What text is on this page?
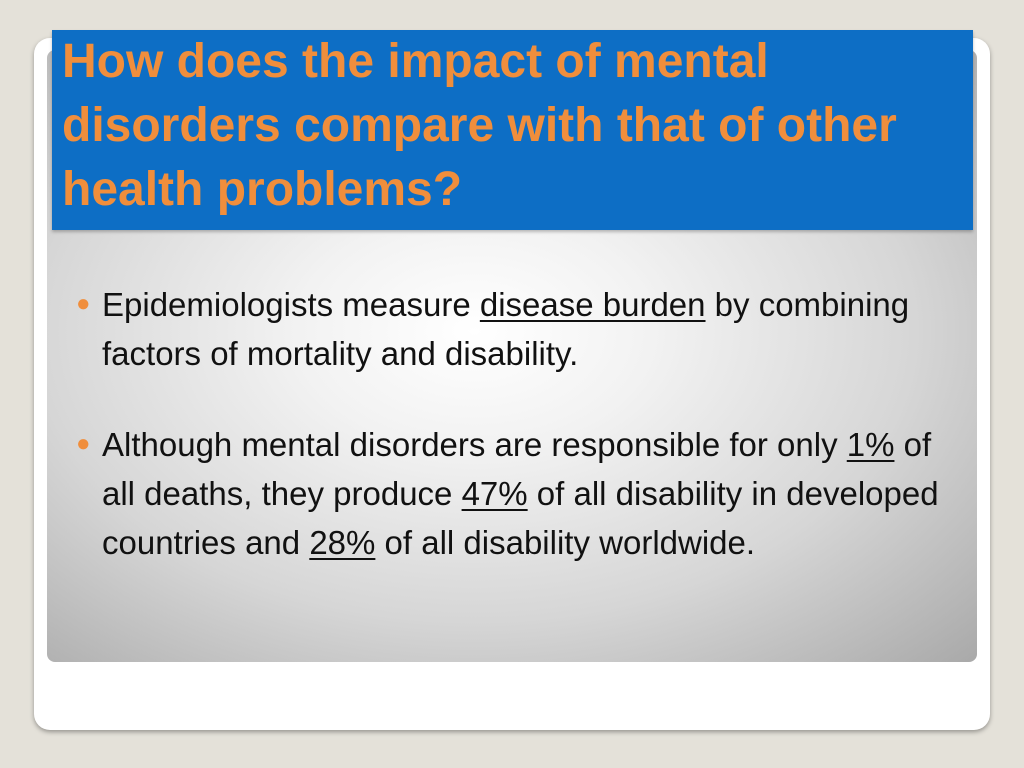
How does the impact of mental disorders compare with that of other health problems?
● Epidemiologists measure disease burden by combining factors of mortality and disability.
● Although mental disorders are responsible for only 1% of all deaths, they produce 47% of all disability in developed countries and 28% of all disability worldwide.
